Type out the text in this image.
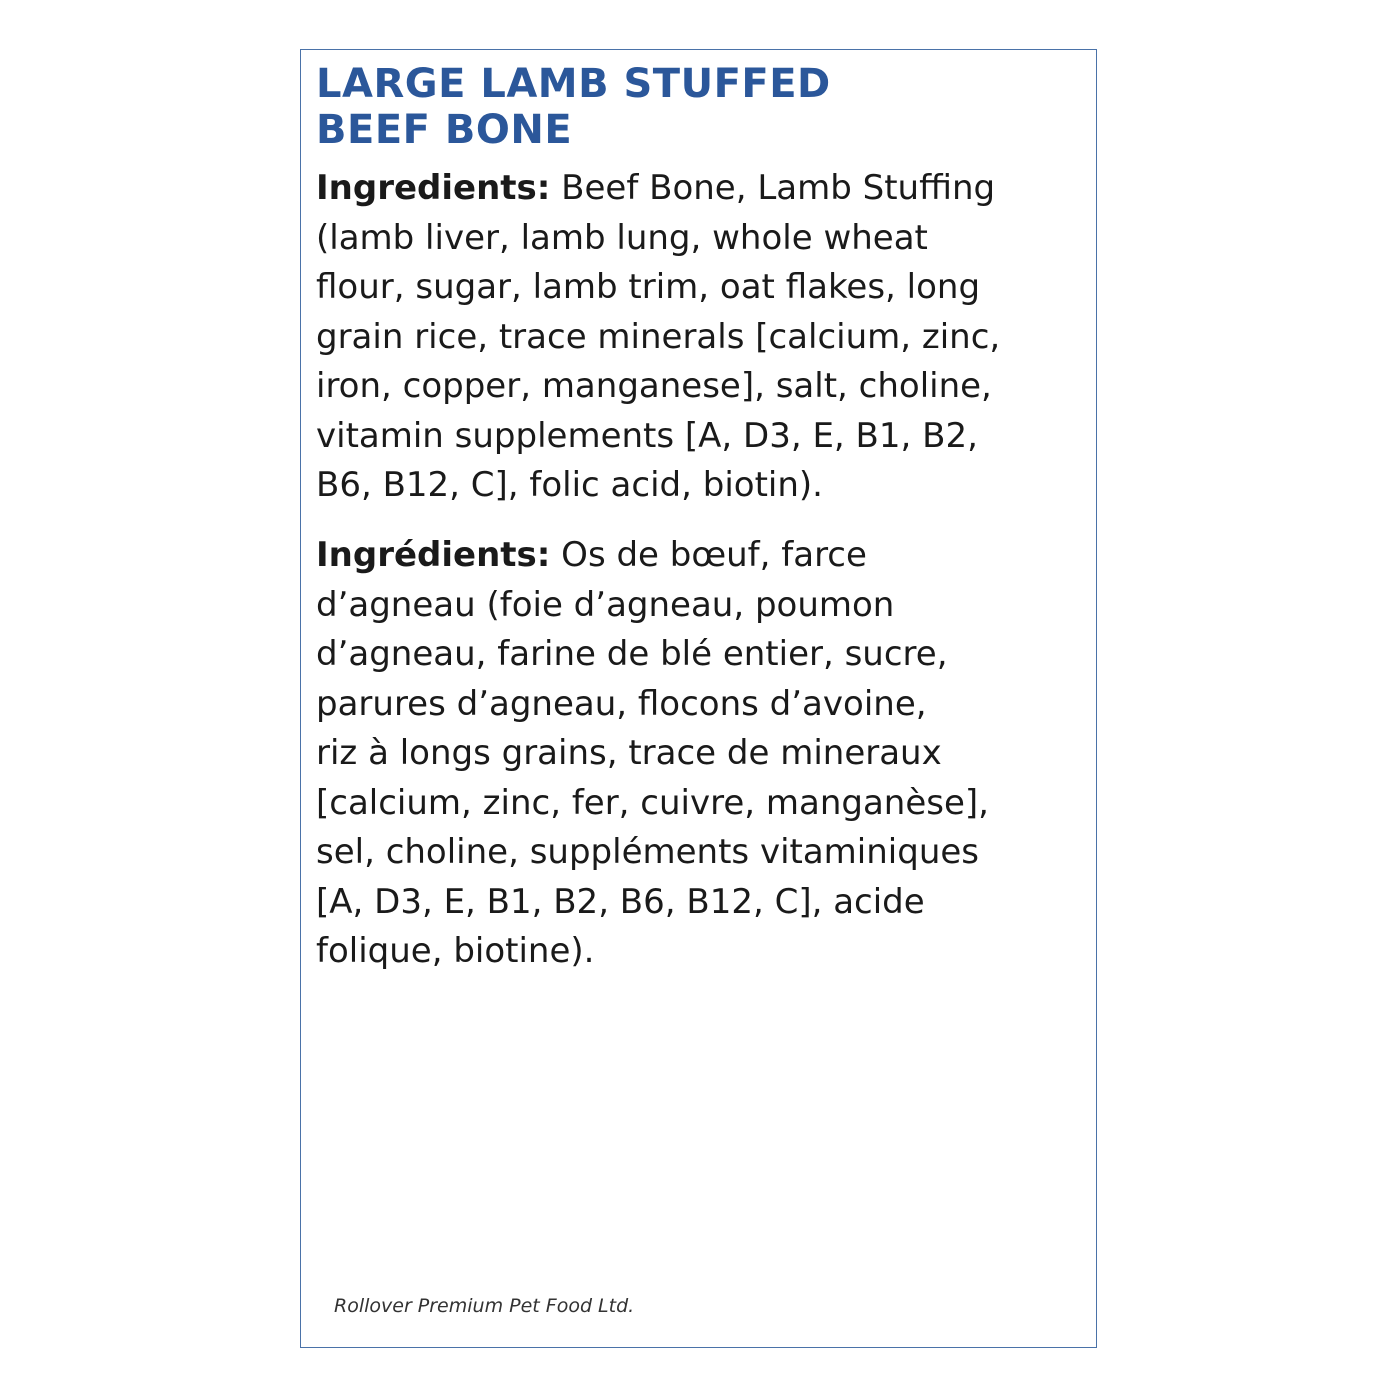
LARGE LAMB STUFFED
BEEF BONE

Ingredients: Beef Bone, Lamb Stuffing
(lamb liver, lamb lung, whole wheat
flour, sugar, lamb trim, oat flakes, long
grain rice, trace minerals [calcium, zinc,
iron, copper, manganese], salt, choline,
vitamin supplements [A, D3, E, B1, B2,
B6, B12, C], folic acid, biotin).

Ingrédients: Os de bœuf, farce
d’agneau (foie d’agneau, poumon
d’agneau, farine de blé entier, sucre,
parures d’agneau, flocons d’avoine,
riz à longs grains, trace de mineraux
[calcium, zinc, fer, cuivre, manganèse],
sel, choline, suppléments vitaminiques
[A, D3, E, B1, B2, B6, B12, C], acide
folique, biotine).

Rollover Premium Pet Food Ltd.
